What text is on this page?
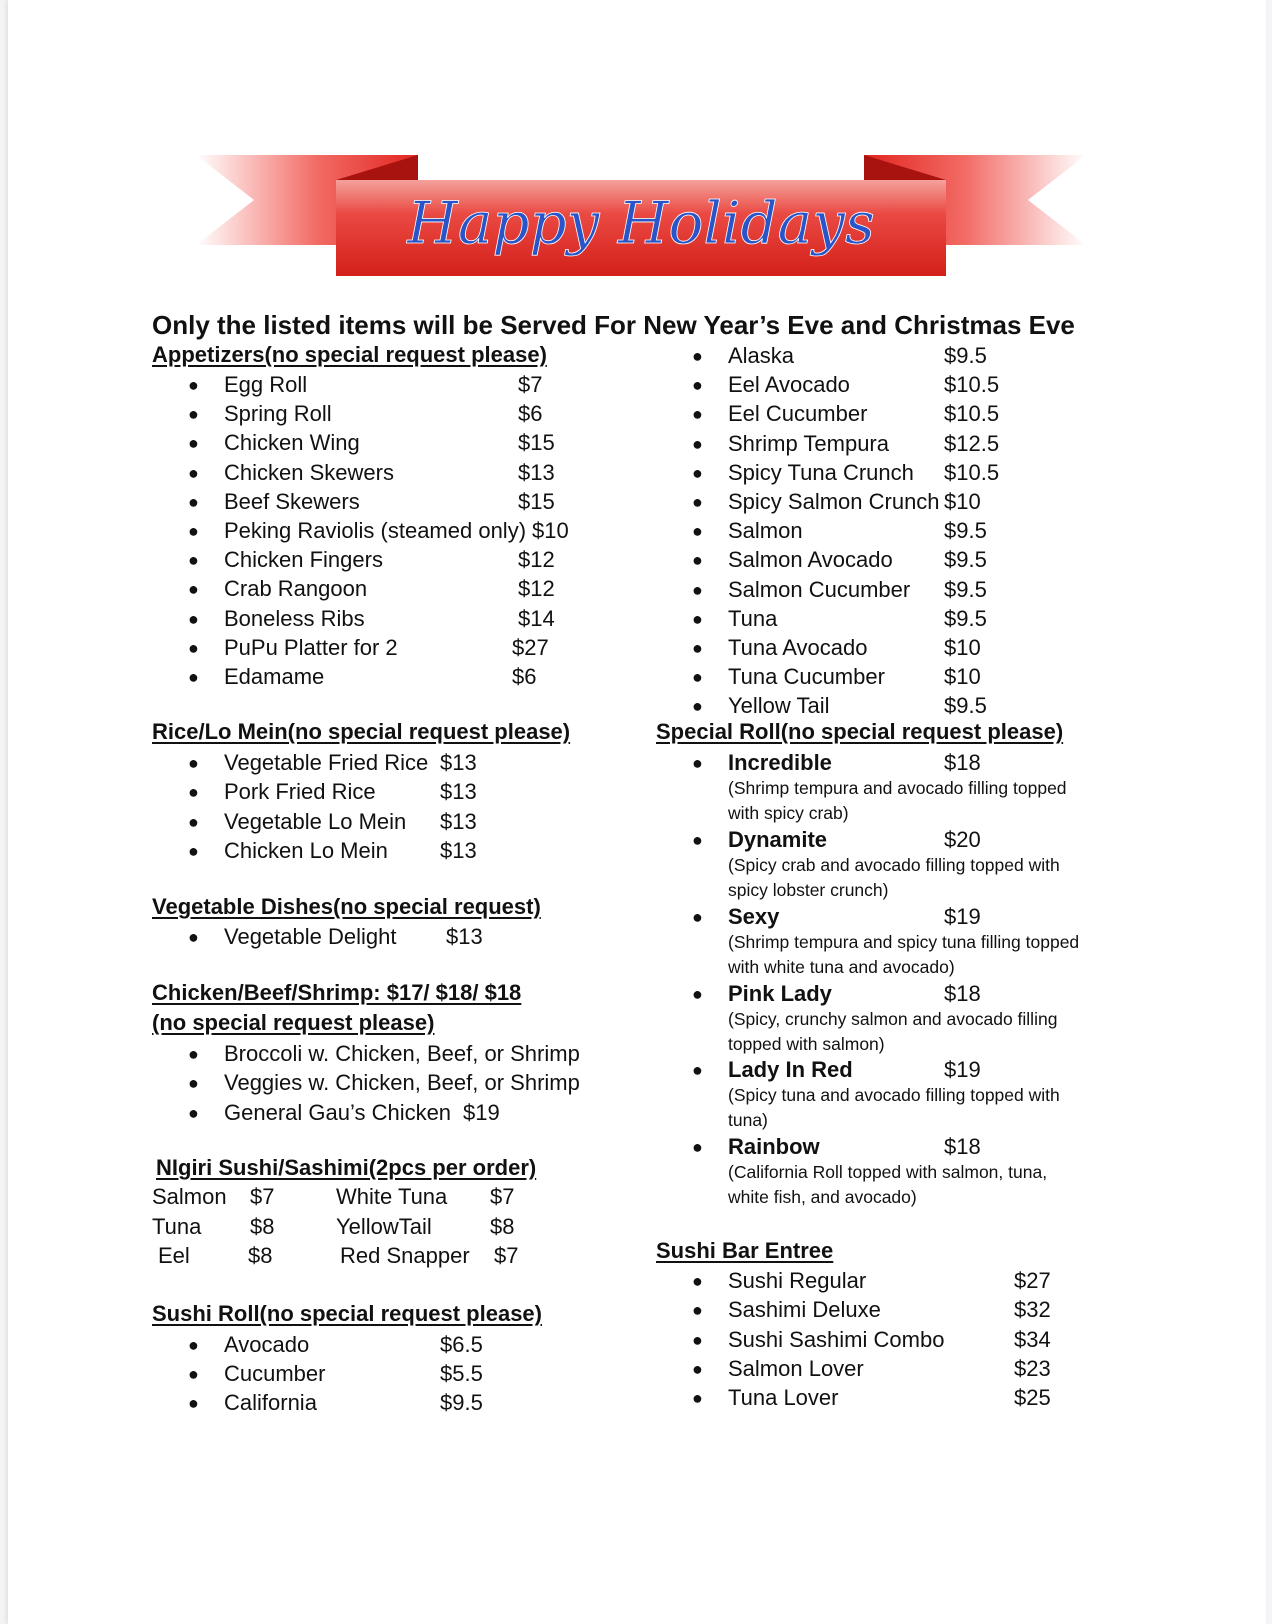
Happy Holidays
Only the listed items will be Served For New Year’s Eve and Christmas Eve
Appetizers(no special request please)
● Egg Roll	$7
● Spring Roll	$6
● Chicken Wing	$15
● Chicken Skewers	$13
● Beef Skewers	$15
● Peking Raviolis (steamed only) $10
● Chicken Fingers	$12
● Crab Rangoon	$12
● Boneless Ribs	$14
● PuPu Platter for 2	$27
● Edamame	$6
Rice/Lo Mein(no special request please)
● Vegetable Fried Rice $13
● Pork Fried Rice	$13
● Vegetable Lo Mein $13
● Chicken Lo Mein $13
Vegetable Dishes(no special request)
● Vegetable Delight $13
Chicken/Beef/Shrimp: $17/ $18/ $18
(no special request please)
● Broccoli w. Chicken, Beef, or Shrimp
● Veggies w. Chicken, Beef, or Shrimp
● General Gau’s Chicken $19
NIgiri Sushi/Sashimi(2pcs per order)
Salmon $7	White Tuna $7
Tuna $8	YellowTail	$8
Eel	$8	Red Snapper $7
Sushi Roll(no special request please)
● Avocado	$6.5
● Cucumber	$5.5
● California	$9.5
● Alaska	$9.5
● Eel Avocado	$10.5
● Eel Cucumber	$10.5
● Shrimp Tempura	$12.5
● Spicy Tuna Crunch $10.5
● Spicy Salmon Crunch $10
● Salmon	$9.5
● Salmon Avocado $9.5
● Salmon Cucumber $9.5
● Tuna	$9.5
● Tuna Avocado	$10
● Tuna Cucumber	$10
● Yellow Tail	$9.5
Special Roll(no special request please)
● Incredible	$18
(Shrimp tempura and avocado filling topped with spicy crab)
● Dynamite	$20
(Spicy crab and avocado filling topped with spicy lobster crunch)
● Sexy	$19
(Shrimp tempura and spicy tuna filling topped with white tuna and avocado)
● Pink Lady	$18
(Spicy, crunchy salmon and avocado filling topped with salmon)
● Lady In Red	$19
(Spicy tuna and avocado filling topped with tuna)
● Rainbow	$18
(California Roll topped with salmon, tuna, white fish, and avocado)
Sushi Bar Entree
● Sushi Regular	$27
● Sashimi Deluxe	$32
● Sushi Sashimi Combo	$34
● Salmon Lover	$23
● Tuna Lover	$25
